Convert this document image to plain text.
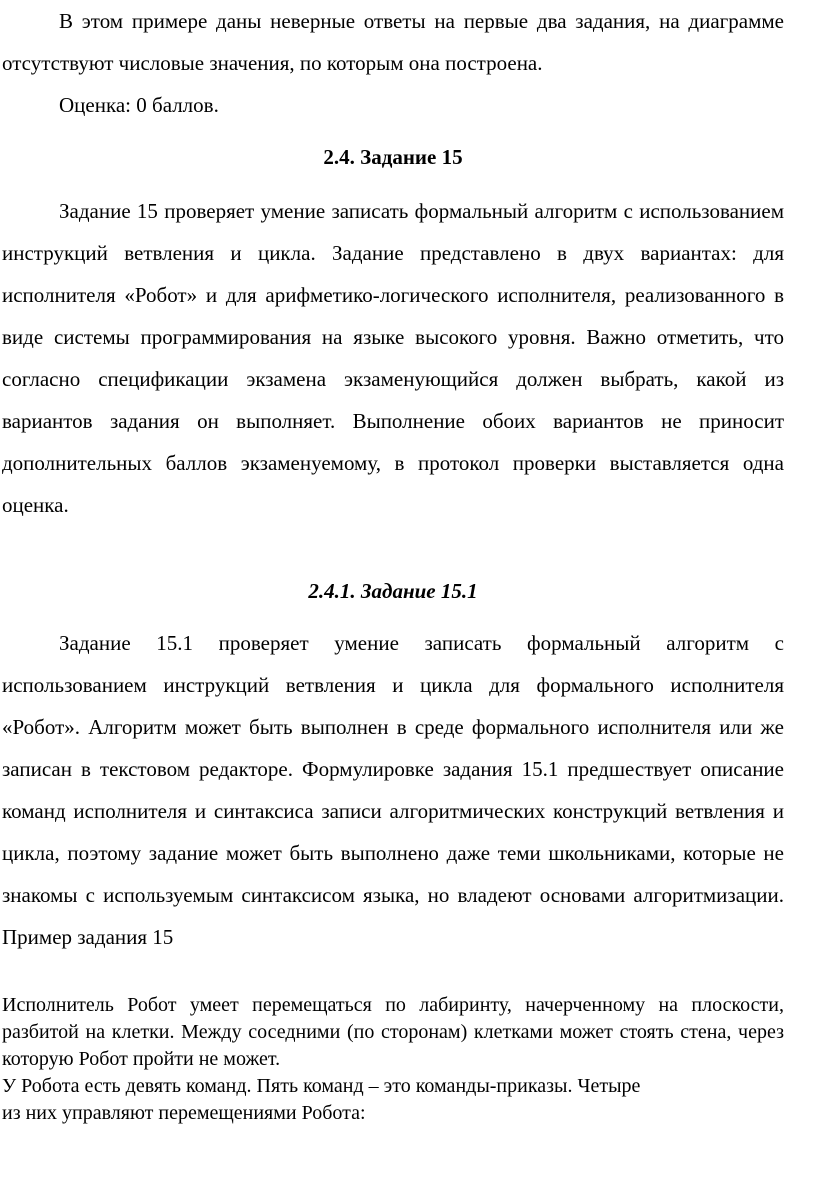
В этом примере даны неверные ответы на первые два задания, на диаграмме отсутствуют числовые значения, по которым она построена.

Оценка: 0 баллов.

2.4. Задание 15

Задание 15 проверяет умение записать формальный алгоритм с использованием инструкций ветвления и цикла. Задание представлено в двух вариантах: для исполнителя «Робот» и для арифметико-логического исполнителя, реализованного в виде системы программирования на языке высокого уровня. Важно отметить, что согласно спецификации экзамена экзаменующийся должен выбрать, какой из вариантов задания он выполняет. Выполнение обоих вариантов не приносит дополнительных баллов экзаменуемому, в протокол проверки выставляется одна оценка.

2.4.1. Задание 15.1

Задание 15.1 проверяет умение записать формальный алгоритм с использованием инструкций ветвления и цикла для формального исполнителя «Робот». Алгоритм может быть выполнен в среде формального исполнителя или же записан в текстовом редакторе. Формулировке задания 15.1 предшествует описание команд исполнителя и синтаксиса записи алгоритмических конструкций ветвления и цикла, поэтому задание может быть выполнено даже теми школьниками, которые не знакомы с используемым синтаксисом языка, но владеют основами алгоритмизации. Пример задания 15

Исполнитель Робот умеет перемещаться по лабиринту, начерченному на плоскости, разбитой на клетки. Между соседними (по сторонам) клетками может стоять стена, через которую Робот пройти не может.

У Робота есть девять команд. Пять команд – это команды-приказы. Четыре

из них управляют перемещениями Робота:
